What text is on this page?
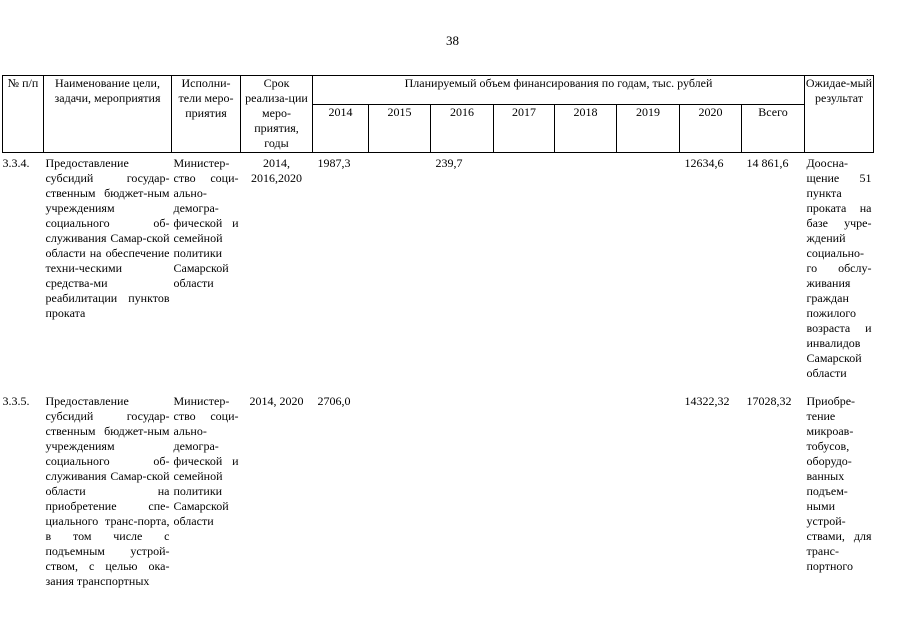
38
№ п/п	Наименование цели, задачи, мероприятия	Исполни-тели меро-приятия	Срок реализа-ции меро-приятия, годы	Планируемый объем финансирования по годам, тыс. рублей								Ожидае-мый результат
				2014	2015	2016	2017	2018	2019	2020	Всего	
3.3.4.	Предоставление субсидий государ-ственным бюджет-ным учреждениям социального об-служивания Самар-ской области на обеспечение техни-ческими средства-ми реабилитации пунктов проката	Министер-ство соци-ально-демогра-фической и семейной политики Самарской области	2014, 2016,2020	1987,3		239,7				12634,6	14 861,6	Дооснa-щение 51 пункта проката на базе учре-ждений социально-го обслу-живания граждан пожилого возраста и инвалидов Самарской области
3.3.5.	Предоставление субсидий государ-ственным бюджет-ным учреждениям социального об-служивания Самар-ской области на приобретение спе-циального транс-порта, в том числе с подъемным устрой-ством, с целью ока-зания транспортных	Министер-ство соци-ально-демогра-фической и семейной политики Самарской области	2014, 2020	2706,0						14322,32	17028,32	Приобре-тение микроав-тобусов, оборудо-ванных подъем-ными устрой-ствами, для транс-портного
